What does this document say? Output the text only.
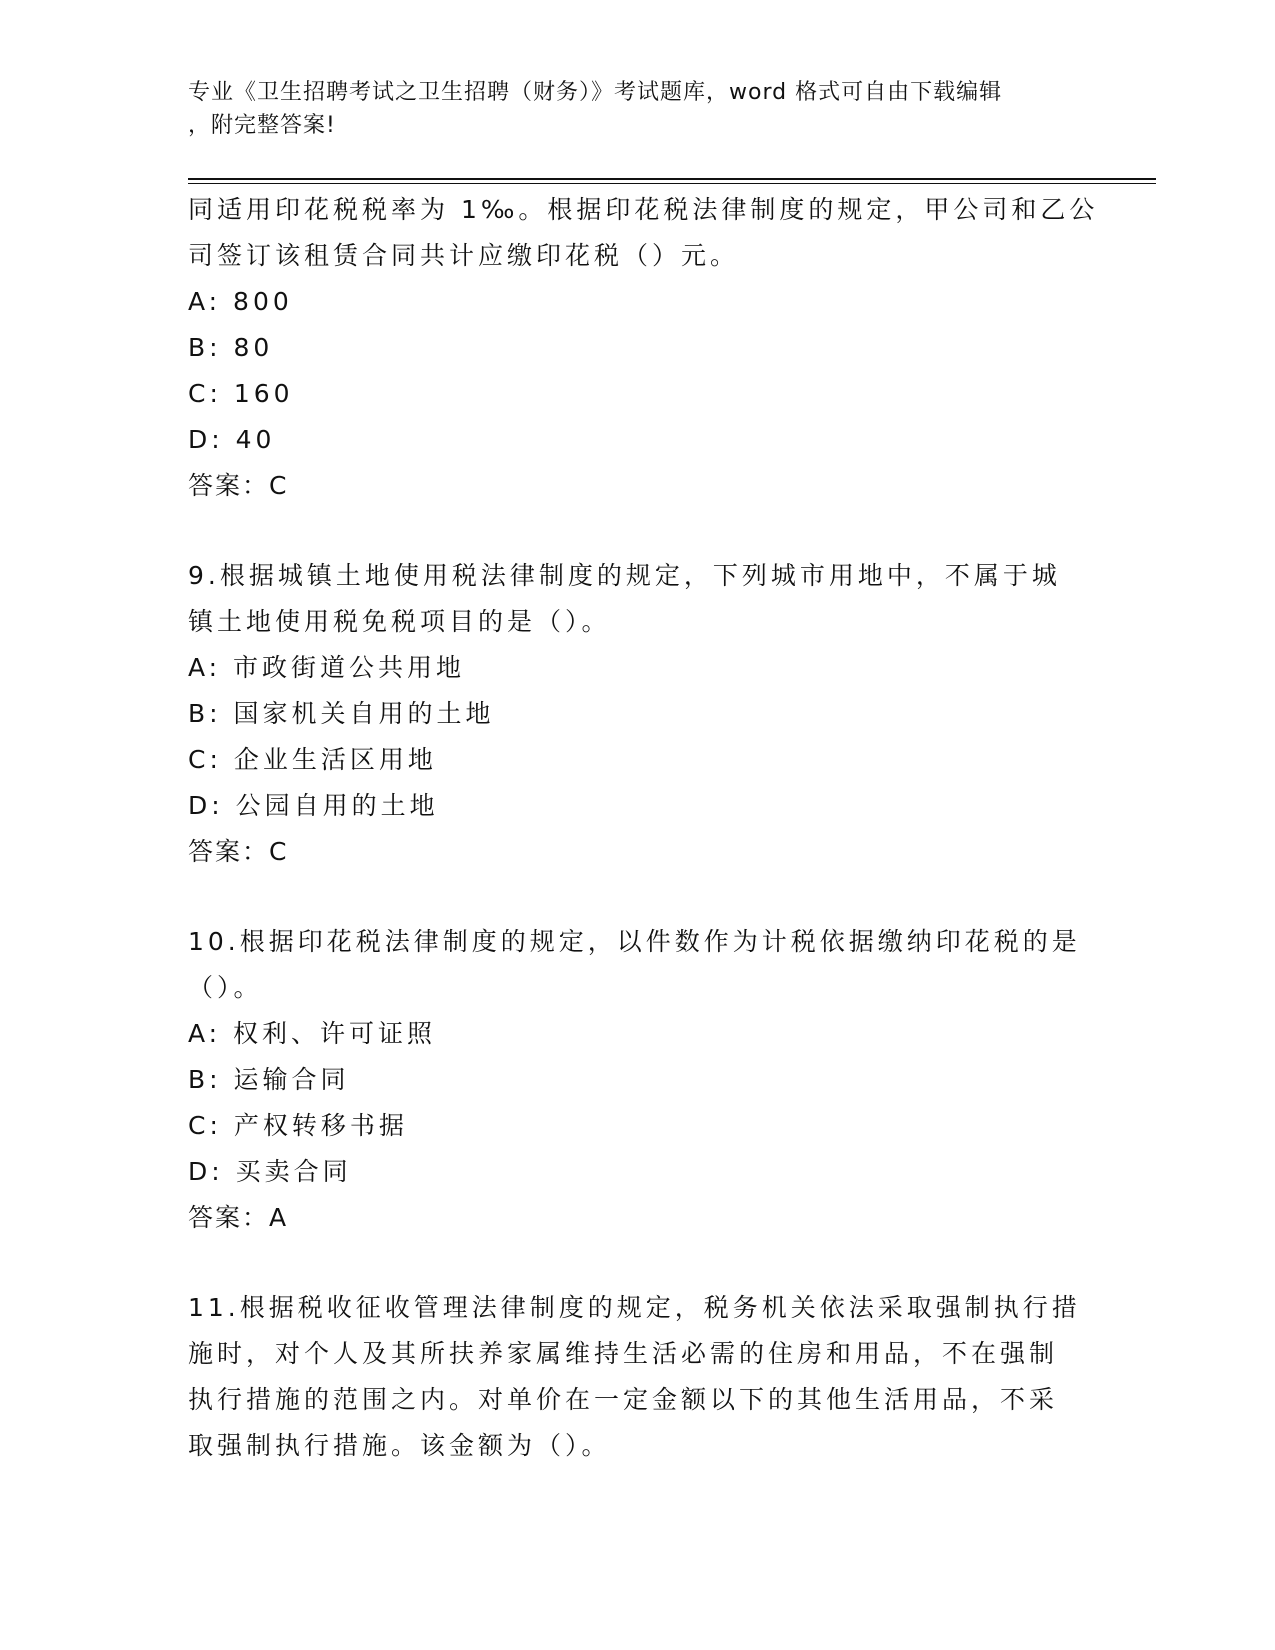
专业《卫生招聘考试之卫生招聘（财务）》考试题库，word 格式可自由下载编辑
，附完整答案!
同适用印花税税率为 1‰。根据印花税法律制度的规定，甲公司和乙公
司签订该租赁合同共计应缴印花税（）元。
A: 800
B: 80
C: 160
D: 40
答案：C
9.根据城镇土地使用税法律制度的规定，下列城市用地中，不属于城
镇土地使用税免税项目的是（）。
A: 市政街道公共用地
B: 国家机关自用的土地
C: 企业生活区用地
D: 公园自用的土地
答案：C
10.根据印花税法律制度的规定，以件数作为计税依据缴纳印花税的是
（）。
A: 权利、许可证照
B: 运输合同
C: 产权转移书据
D: 买卖合同
答案：A
11.根据税收征收管理法律制度的规定，税务机关依法采取强制执行措
施时，对个人及其所扶养家属维持生活必需的住房和用品，不在强制
执行措施的范围之内。对单价在一定金额以下的其他生活用品，不采
取强制执行措施。该金额为（）。
